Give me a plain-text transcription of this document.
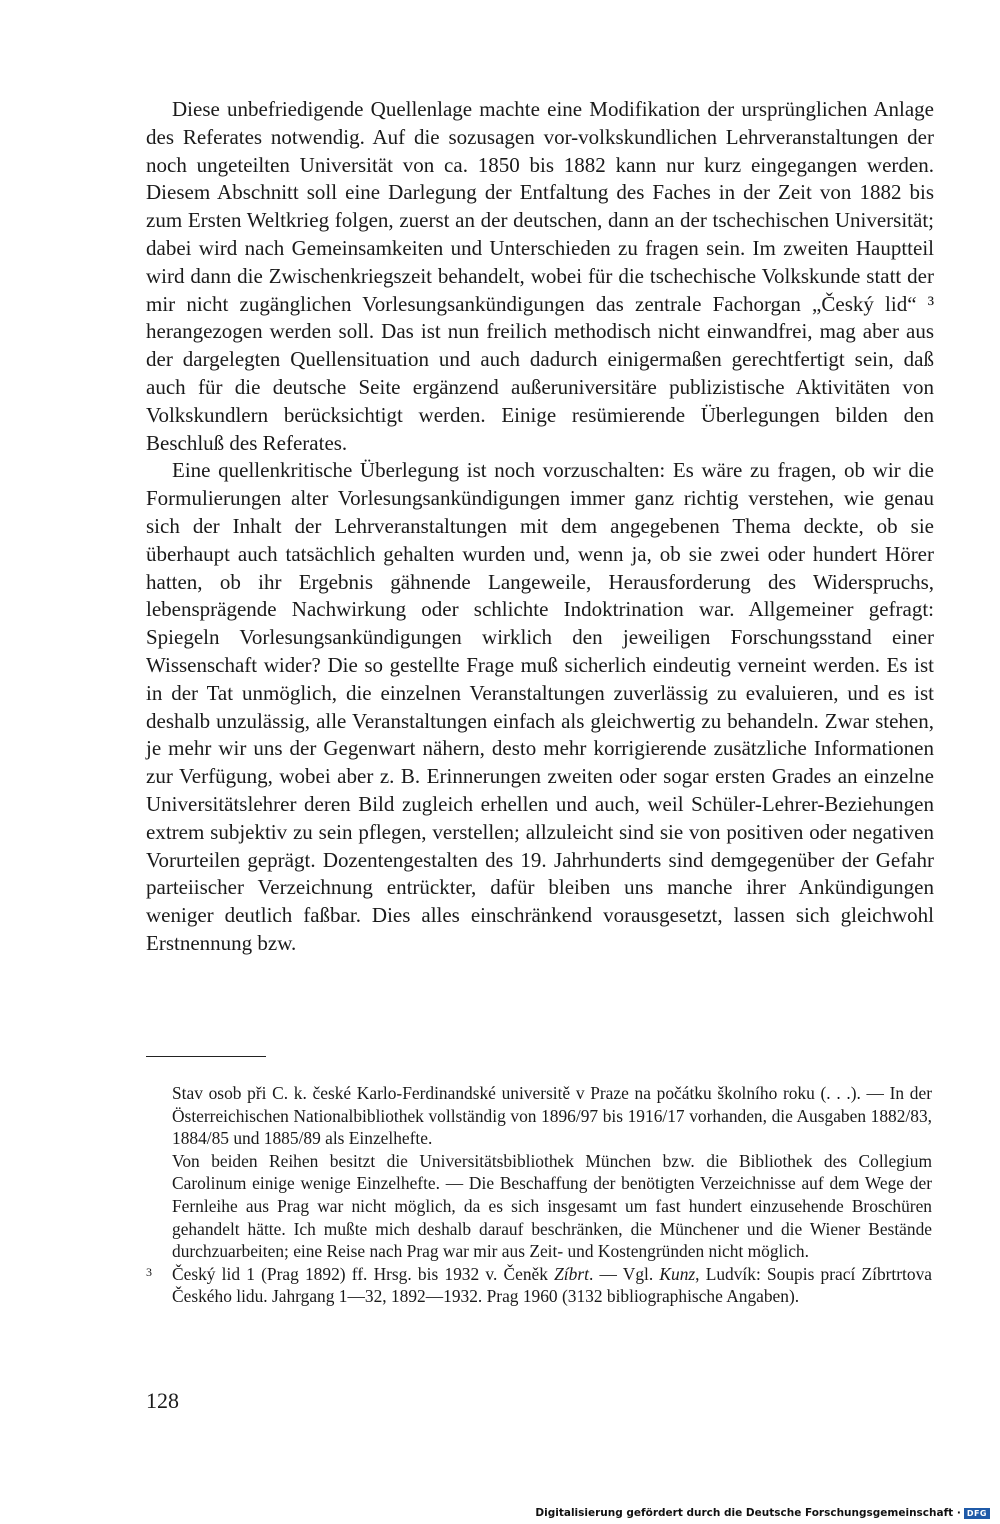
Diese unbefriedigende Quellenlage machte eine Modifikation der ursprünglichen Anlage des Referates notwendig. Auf die sozusagen vor-volkskundlichen Lehrveranstaltungen der noch ungeteilten Universität von ca. 1850 bis 1882 kann nur kurz eingegangen werden. Diesem Abschnitt soll eine Darlegung der Entfaltung des Faches in der Zeit von 1882 bis zum Ersten Weltkrieg folgen, zuerst an der deutschen, dann an der tschechischen Universität; dabei wird nach Gemeinsamkeiten und Unterschieden zu fragen sein. Im zweiten Hauptteil wird dann die Zwischenkriegszeit behandelt, wobei für die tschechische Volkskunde statt der mir nicht zugänglichen Vorlesungsankündigungen das zentrale Fachorgan „Český lid“ ³ herangezogen werden soll. Das ist nun freilich methodisch nicht einwandfrei, mag aber aus der dargelegten Quellensituation und auch dadurch einigermaßen gerechtfertigt sein, daß auch für die deutsche Seite ergänzend außeruniversitäre publizistische Aktivitäten von Volkskundlern berücksichtigt werden. Einige resümierende Überlegungen bilden den Beschluß des Referates.

Eine quellenkritische Überlegung ist noch vorzuschalten: Es wäre zu fragen, ob wir die Formulierungen alter Vorlesungsankündigungen immer ganz richtig verstehen, wie genau sich der Inhalt der Lehrveranstaltungen mit dem angegebenen Thema deckte, ob sie überhaupt auch tatsächlich gehalten wurden und, wenn ja, ob sie zwei oder hundert Hörer hatten, ob ihr Ergebnis gähnende Langeweile, Herausforderung des Widerspruchs, lebensprägende Nachwirkung oder schlichte Indoktrination war. Allgemeiner gefragt: Spiegeln Vorlesungsankündigungen wirklich den jeweiligen Forschungsstand einer Wissenschaft wider? Die so gestellte Frage muß sicherlich eindeutig verneint werden. Es ist in der Tat unmöglich, die einzelnen Veranstaltungen zuverlässig zu evaluieren, und es ist deshalb unzulässig, alle Veranstaltungen einfach als gleichwertig zu behandeln. Zwar stehen, je mehr wir uns der Gegenwart nähern, desto mehr korrigierende zusätzliche Informationen zur Verfügung, wobei aber z. B. Erinnerungen zweiten oder sogar ersten Grades an einzelne Universitätslehrer deren Bild zugleich erhellen und auch, weil Schüler-Lehrer-Beziehungen extrem subjektiv zu sein pflegen, verstellen; allzuleicht sind sie von positiven oder negativen Vorurteilen geprägt. Dozentengestalten des 19. Jahrhunderts sind demgegenüber der Gefahr parteiischer Verzeichnung entrückter, dafür bleiben uns manche ihrer Ankündigungen weniger deutlich faßbar. Dies alles einschränkend vorausgesetzt, lassen sich gleichwohl Erstnennung bzw.

Stav osob při C. k. české Karlo-Ferdinandské universitě v Praze na počátku školního roku (. . .). — In der Österreichischen Nationalbibliothek vollständig von 1896/97 bis 1916/17 vorhanden, die Ausgaben 1882/83, 1884/85 und 1885/89 als Einzelhefte.

Von beiden Reihen besitzt die Universitätsbibliothek München bzw. die Bibliothek des Collegium Carolinum einige wenige Einzelhefte. — Die Beschaffung der benötigten Verzeichnisse auf dem Wege der Fernleihe aus Prag war nicht möglich, da es sich insgesamt um fast hundert einzusehende Broschüren gehandelt hätte. Ich mußte mich deshalb darauf beschränken, die Münchener und die Wiener Bestände durchzuarbeiten; eine Reise nach Prag war mir aus Zeit- und Kostengründen nicht möglich.

3	Český lid 1 (Prag 1892) ff. Hrsg. bis 1932 v. Čeněk Zíbrt. — Vgl. Kunz, Ludvík: Soupis prací Zíbrtrtova Českého lidu. Jahrgang 1—32, 1892—1932. Prag 1960 (3132 bibliographische Angaben).
128
Digitalisierung gefördert durch die Deutsche Forschungsgemeinschaft · DFG
